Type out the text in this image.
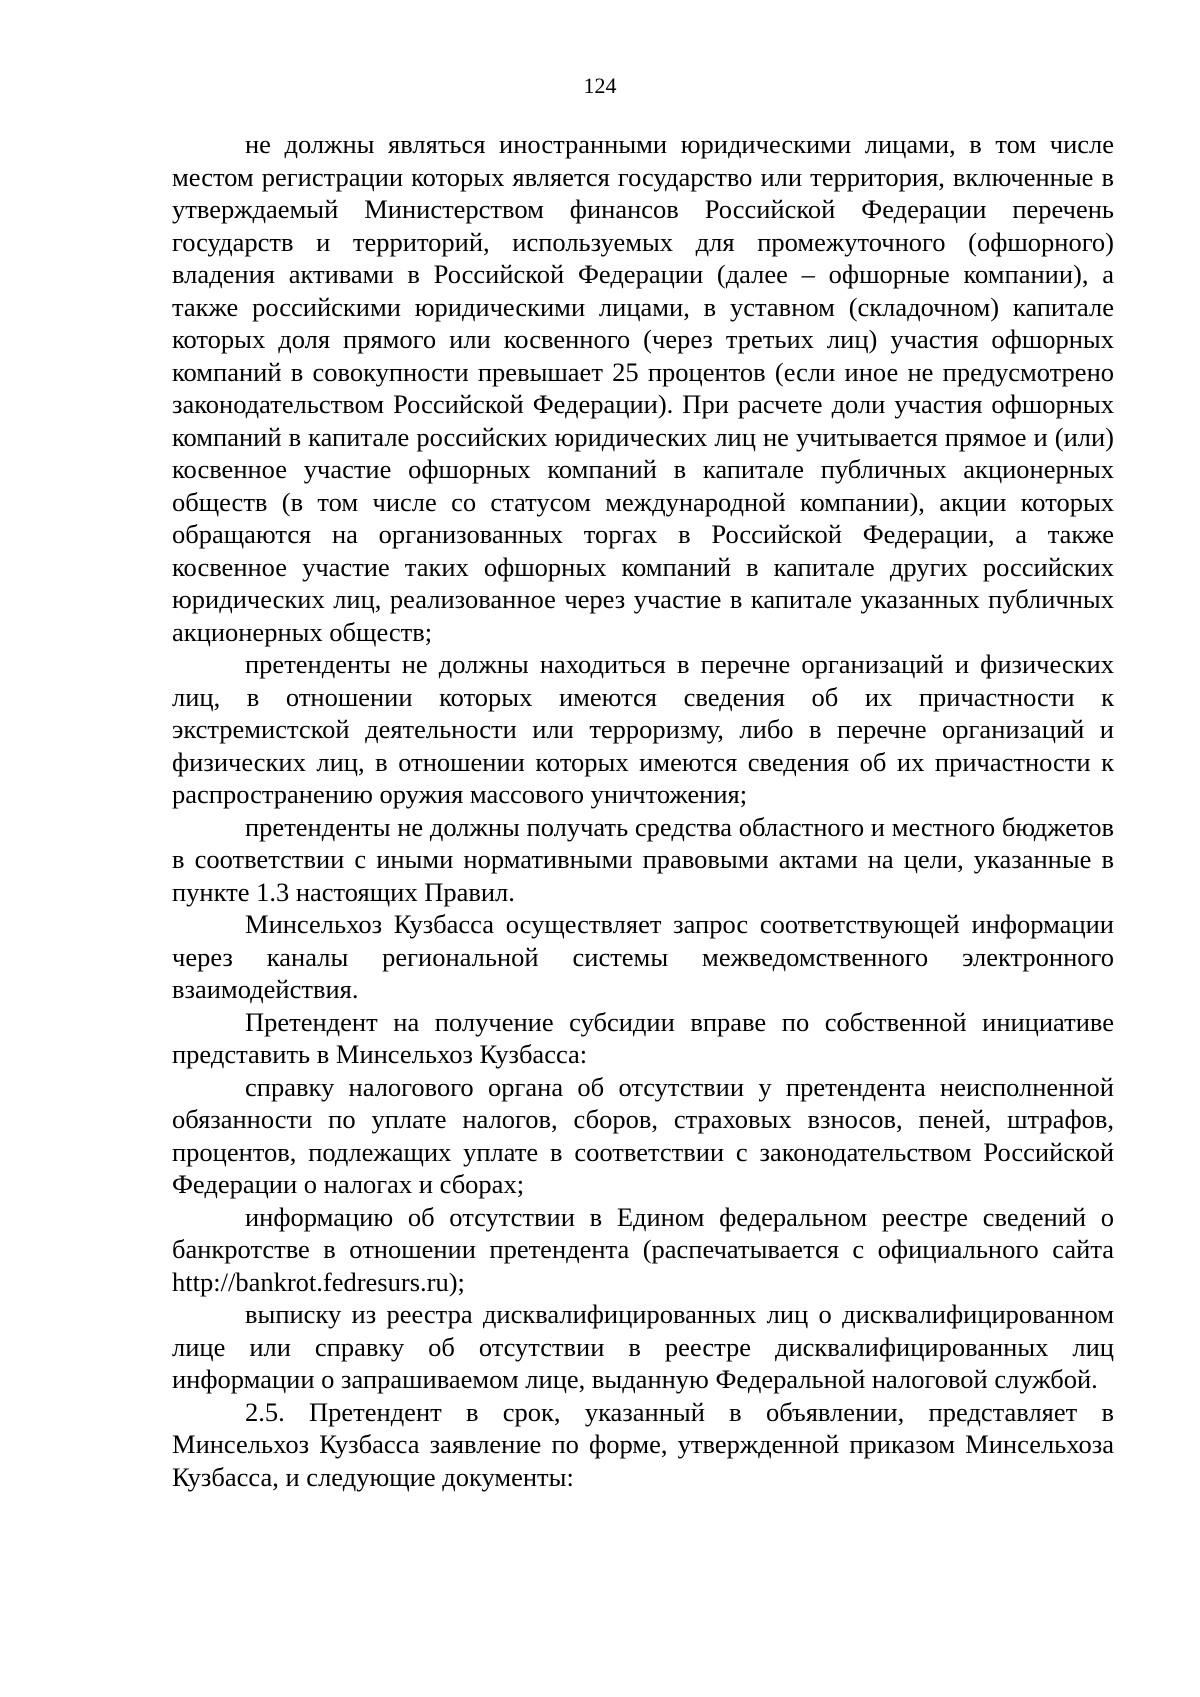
124

не должны являться иностранными юридическими лицами, в том числе местом регистрации которых является государство или территория, включенные в утверждаемый Министерством финансов Российской Федерации перечень государств и территорий, используемых для промежуточного (офшорного) владения активами в Российской Федерации (далее – офшорные компании), а также российскими юридическими лицами, в уставном (складочном) капитале которых доля прямого или косвенного (через третьих лиц) участия офшорных компаний в совокупности превышает 25 процентов (если иное не предусмотрено законодательством Российской Федерации). При расчете доли участия офшорных компаний в капитале российских юридических лиц не учитывается прямое и (или) косвенное участие офшорных компаний в капитале публичных акционерных обществ (в том числе со статусом международной компании), акции которых обращаются на организованных торгах в Российской Федерации, а также косвенное участие таких офшорных компаний в капитале других российских юридических лиц, реализованное через участие в капитале указанных публичных акционерных обществ;

претенденты не должны находиться в перечне организаций и физических лиц, в отношении которых имеются сведения об их причастности к экстремистской деятельности или терроризму, либо в перечне организаций и физических лиц, в отношении которых имеются сведения об их причастности к распространению оружия массового уничтожения;

претенденты не должны получать средства областного и местного бюджетов в соответствии с иными нормативными правовыми актами на цели, указанные в пункте 1.3 настоящих Правил.

Минсельхоз Кузбасса осуществляет запрос соответствующей информации через каналы региональной системы межведомственного электронного взаимодействия.

Претендент на получение субсидии вправе по собственной инициативе представить в Минсельхоз Кузбасса:

справку налогового органа об отсутствии у претендента неисполненной обязанности по уплате налогов, сборов, страховых взносов, пеней, штрафов, процентов, подлежащих уплате в соответствии с законодательством Российской Федерации о налогах и сборах;

информацию об отсутствии в Едином федеральном реестре сведений о банкротстве в отношении претендента (распечатывается с официального сайта http://bankrot.fedresurs.ru);

выписку из реестра дисквалифицированных лиц о дисквалифицированном лице или справку об отсутствии в реестре дисквалифицированных лиц информации о запрашиваемом лице, выданную Федеральной налоговой службой.

2.5. Претендент в срок, указанный в объявлении, представляет в Минсельхоз Кузбасса заявление по форме, утвержденной приказом Минсельхоза Кузбасса, и следующие документы:
